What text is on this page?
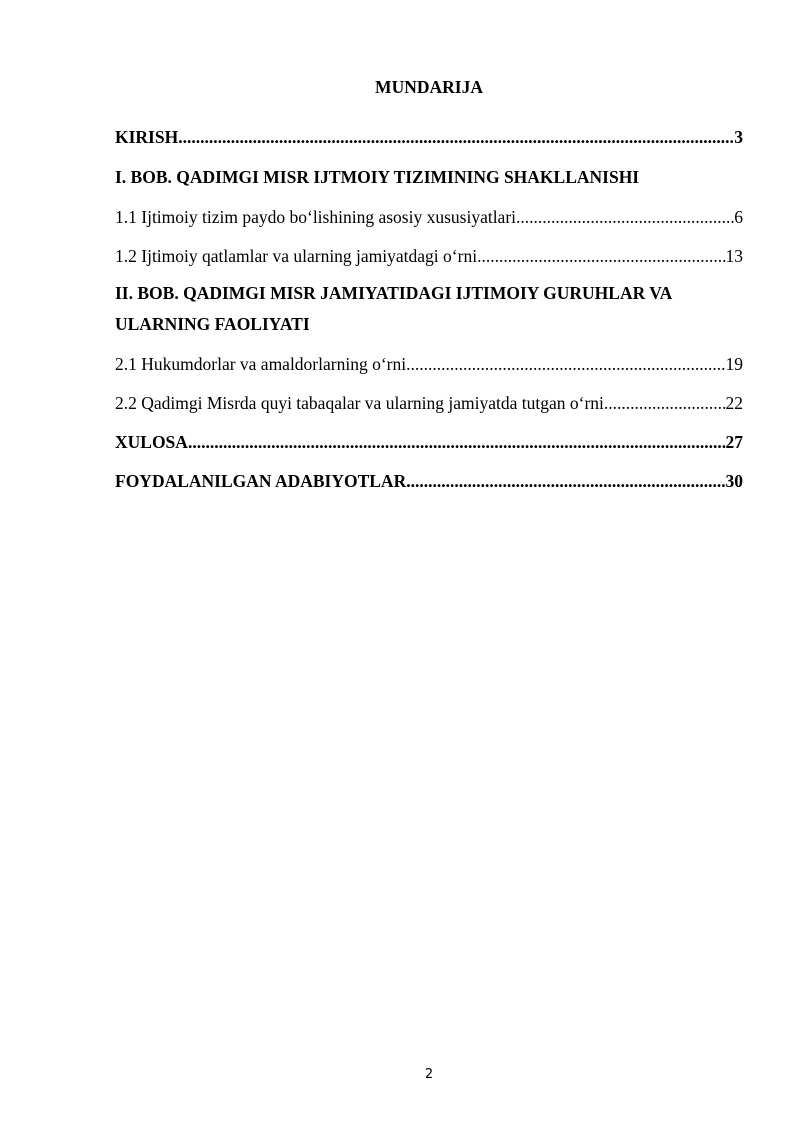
MUNDARIJA
KIRISH .....	3
I. BOB. QADIMGI MISR IJTMOIY TIZIMINING SHAKLLANISHI
1.1 Ijtimoiy tizim paydo bo‘lishining asosiy xususiyatlari .....	6
1.2 Ijtimoiy qatlamlar va ularning jamiyatdagi o‘rni .....	13
II. BOB. QADIMGI MISR JAMIYATIDAGI IJTIMOIY GURUHLAR VA
ULARNING FAOLIYATI
2.1 Hukumdorlar va amaldorlarning o‘rni .....	19
2.2 Qadimgi Misrda quyi tabaqalar va ularning jamiyatda tutgan o‘rni .....	22
XULOSA .....	27
FOYDALANILGAN ADABIYOTLAR .....	30
2
